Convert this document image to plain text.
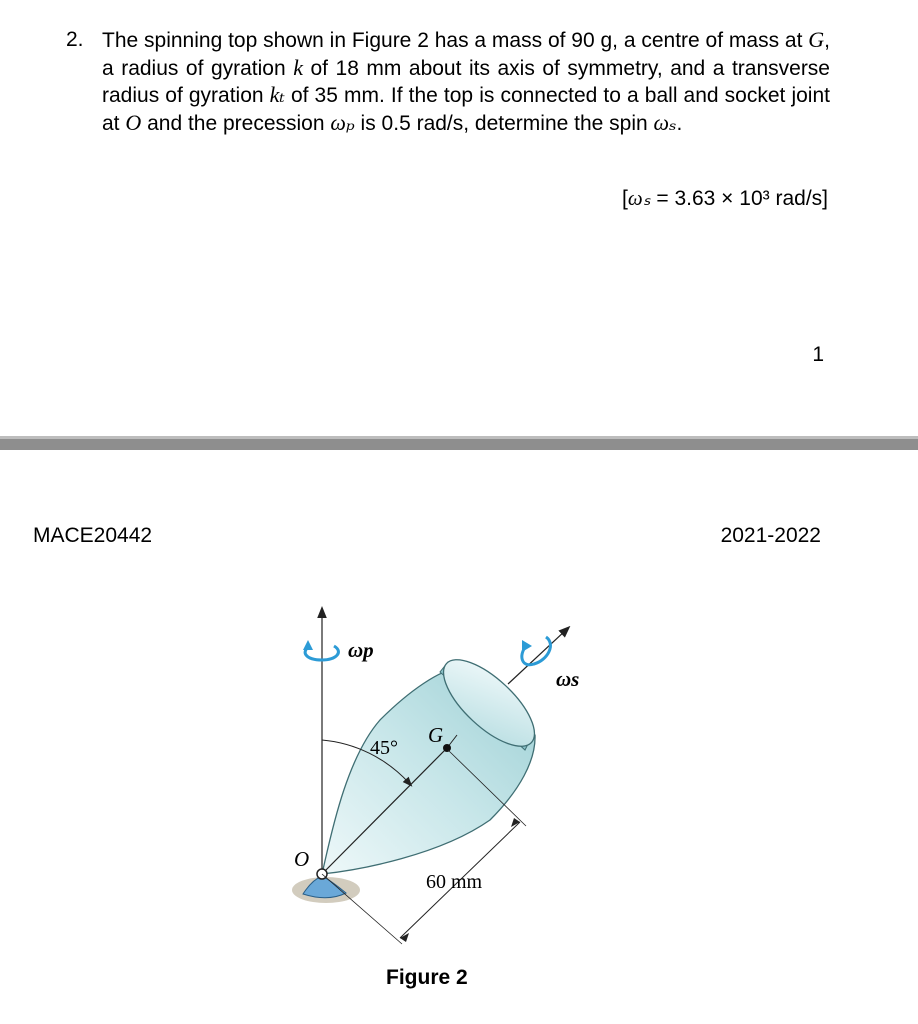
2. The spinning top shown in Figure 2 has a mass of 90 g, a centre of mass at G, a radius of gyration k of 18 mm about its axis of symmetry, and a transverse radius of gyration kₜ of 35 mm. If the top is connected to a ball and socket joint at O and the precession ωₚ is 0.5 rad/s, determine the spin ωₛ.
[ωₛ = 3.63 × 10³ rad/s]
1
MACE20442	2021-2022
ωp
ωs
45°
G
O
60 mm
Figure 2
